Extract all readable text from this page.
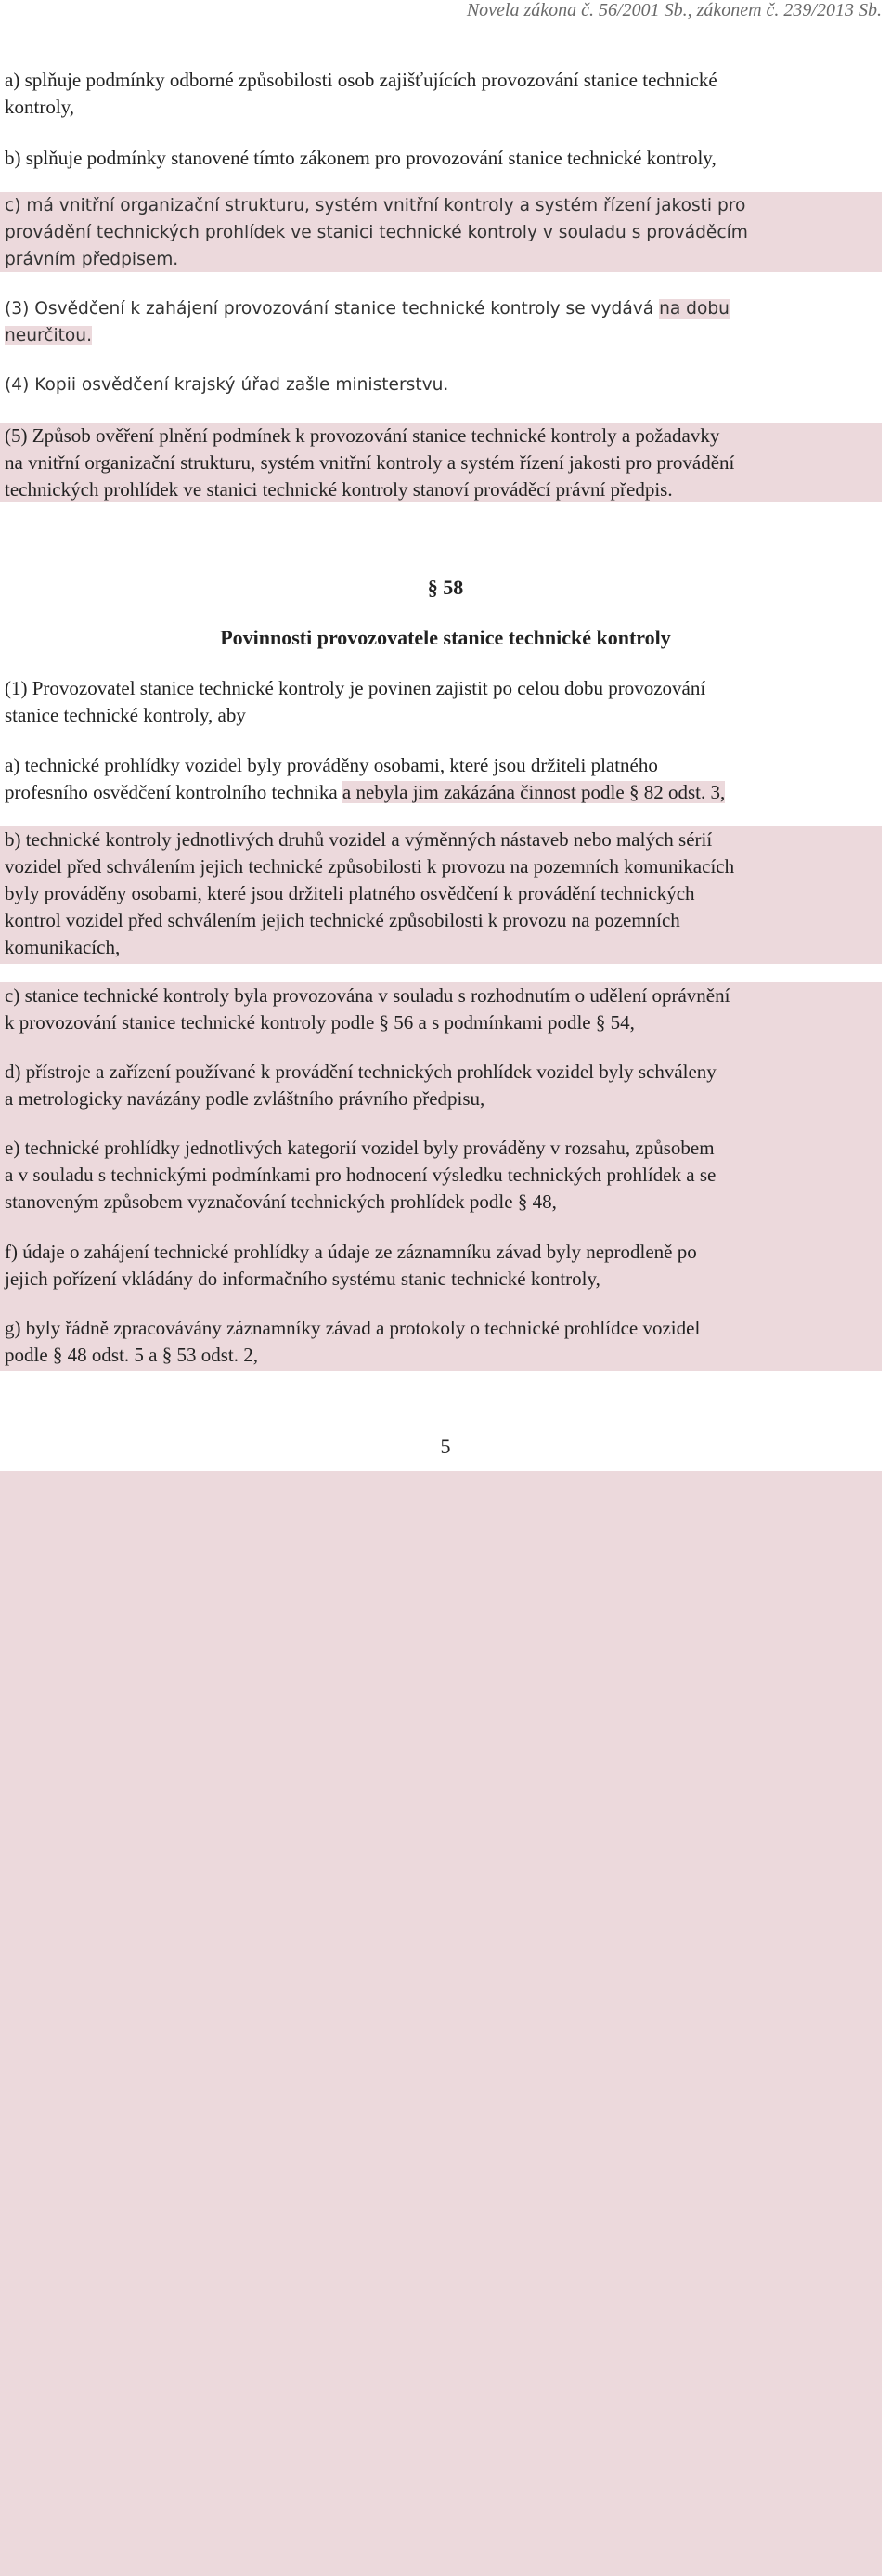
Novela zákona č. 56/2001 Sb., zákonem č. 239/2013 Sb.
a) splňuje podmínky odborné způsobilosti osob zajišťujících provozování stanice technické
kontroly,
b) splňuje podmínky stanovené tímto zákonem pro provozování stanice technické kontroly,
c) má vnitřní organizační strukturu, systém vnitřní kontroly a systém řízení jakosti pro
provádění technických prohlídek ve stanici technické kontroly v souladu s prováděcím
právním předpisem.
(3) Osvědčení k zahájení provozování stanice technické kontroly se vydává na dobu
neurčitou.
(4) Kopii osvědčení krajský úřad zašle ministerstvu.
(5) Způsob ověření plnění podmínek k provozování stanice technické kontroly a požadavky
na vnitřní organizační strukturu, systém vnitřní kontroly a systém řízení jakosti pro provádění
technických prohlídek ve stanici technické kontroly stanoví prováděcí právní předpis.
§ 58
Povinnosti provozovatele stanice technické kontroly
(1) Provozovatel stanice technické kontroly je povinen zajistit po celou dobu provozování
stanice technické kontroly, aby
a) technické prohlídky vozidel byly prováděny osobami, které jsou držiteli platného
profesního osvědčení kontrolního technika a nebyla jim zakázána činnost podle § 82 odst. 3,
b) technické kontroly jednotlivých druhů vozidel a výměnných nástaveb nebo malých sérií
vozidel před schválením jejich technické způsobilosti k provozu na pozemních komunikacích
byly prováděny osobami, které jsou držiteli platného osvědčení k provádění technických
kontrol vozidel před schválením jejich technické způsobilosti k provozu na pozemních
komunikacích,
c) stanice technické kontroly byla provozována v souladu s rozhodnutím o udělení oprávnění
k provozování stanice technické kontroly podle § 56 a s podmínkami podle § 54,
d) přístroje a zařízení používané k provádění technických prohlídek vozidel byly schváleny
a metrologicky navázány podle zvláštního právního předpisu,
e) technické prohlídky jednotlivých kategorií vozidel byly prováděny v rozsahu, způsobem
a v souladu s technickými podmínkami pro hodnocení výsledku technických prohlídek a se
stanoveným způsobem vyznačování technických prohlídek podle § 48,
f) údaje o zahájení technické prohlídky a údaje ze záznamníku závad byly neprodleně po
jejich pořízení vkládány do informačního systému stanic technické kontroly,
g) byly řádně zpracovávány záznamníky závad a protokoly o technické prohlídce vozidel
podle § 48 odst. 5 a § 53 odst. 2,
5
